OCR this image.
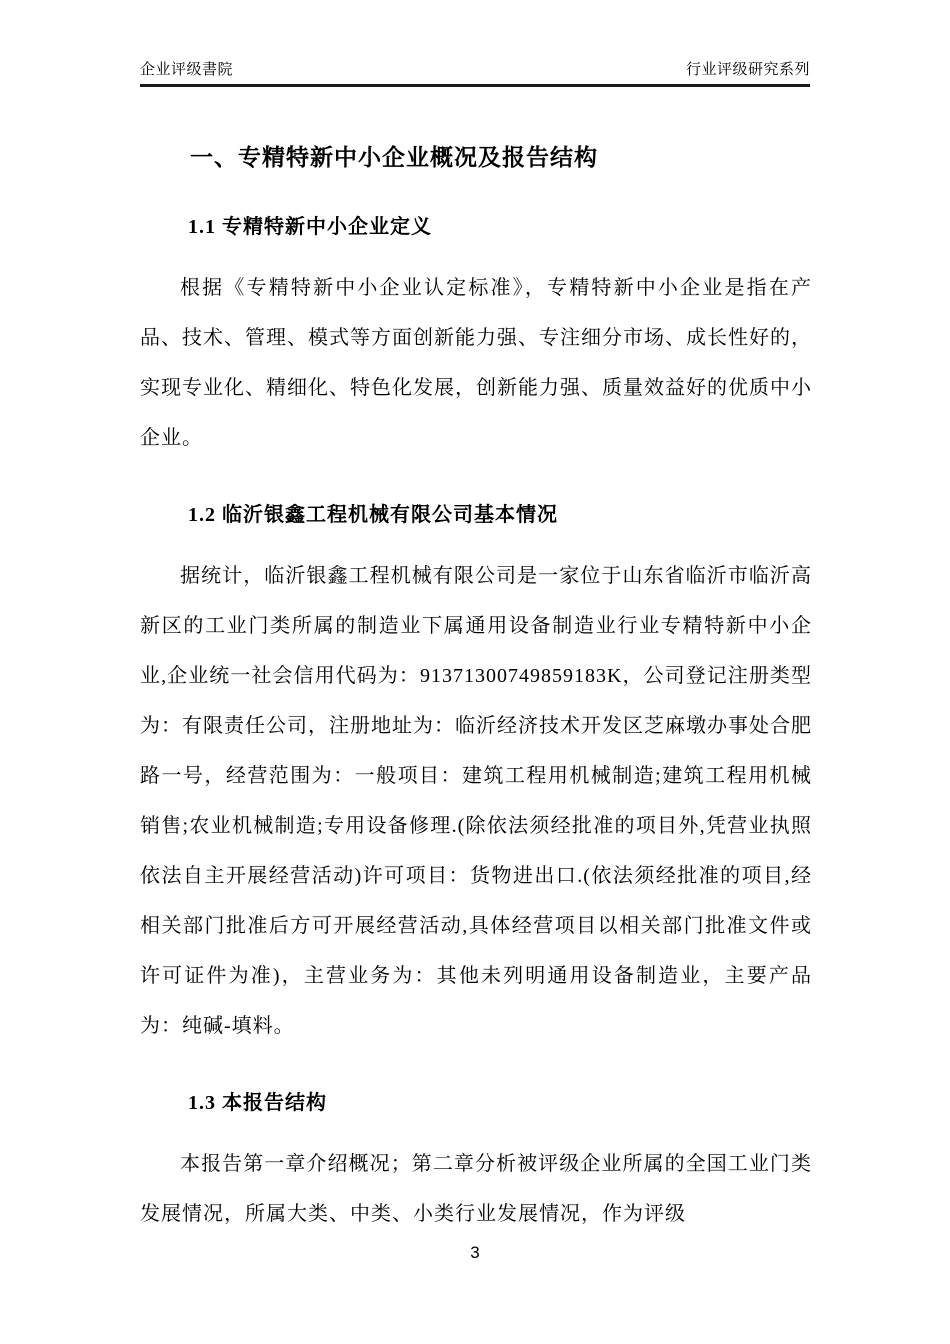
企业评级書院	行业评级研究系列
一、专精特新中小企业概况及报告结构
1.1 专精特新中小企业定义

根据《专精特新中小企业认定标准》，专精特新中小企业是指在产品、技术、管理、模式等方面创新能力强、专注细分市场、成长性好的，实现专业化、精细化、特色化发展，创新能力强、质量效益好的优质中小企业。

1.2 临沂银鑫工程机械有限公司基本情况

据统计，临沂银鑫工程机械有限公司是一家位于山东省临沂市临沂高新区的工业门类所属的制造业下属通用设备制造业行业专精特新中小企业,企业统一社会信用代码为：91371300749859183K，公司登记注册类型为：有限责任公司，注册地址为：临沂经济技术开发区芝麻墩办事处合肥路一号，经营范围为：一般项目：建筑工程用机械制造;建筑工程用机械销售;农业机械制造;专用设备修理.(除依法须经批准的项目外,凭营业执照依法自主开展经营活动)许可项目：货物进出口.(依法须经批准的项目,经相关部门批准后方可开展经营活动,具体经营项目以相关部门批准文件或许可证件为准)，主营业务为：其他未列明通用设备制造业，主要产品为：纯碱-填料。

1.3 本报告结构

本报告第一章介绍概况；第二章分析被评级企业所属的全国工业门类发展情况，所属大类、中类、小类行业发展情况，作为评级

3
